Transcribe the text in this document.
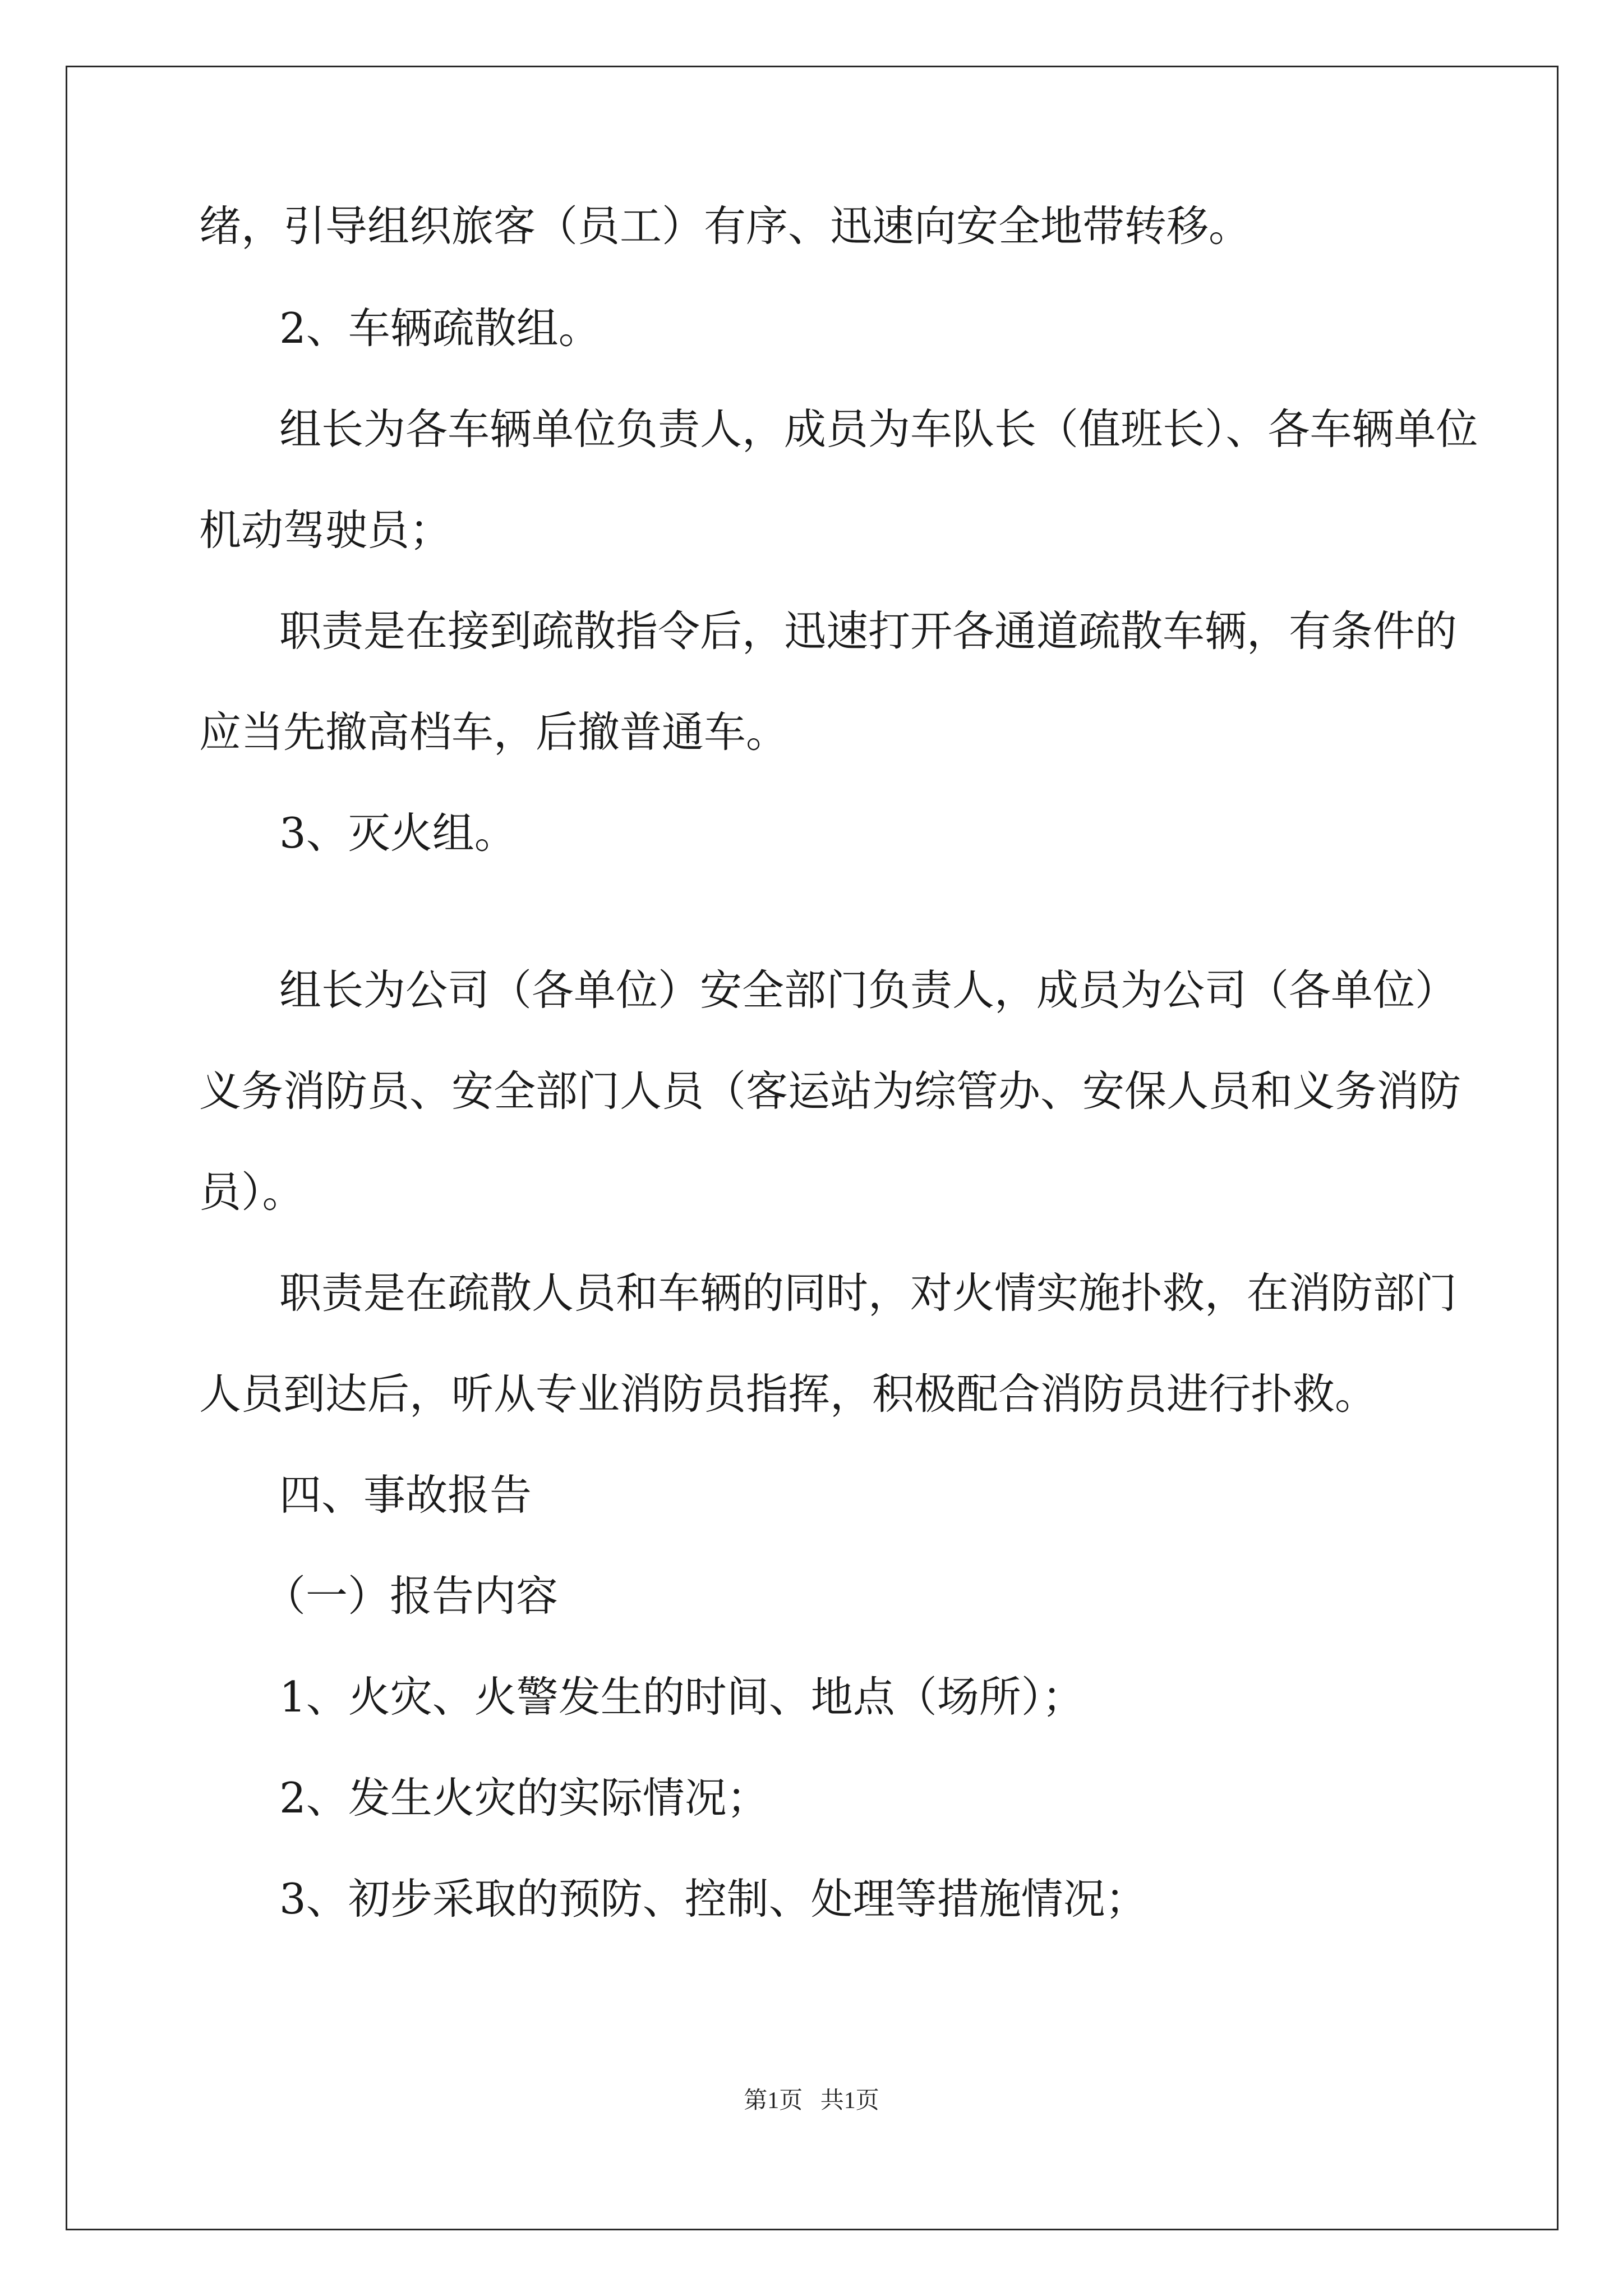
绪，引导组织旅客（员工）有序、迅速向安全地带转移。
2、车辆疏散组。
组长为各车辆单位负责人，成员为车队长（值班长）、各车辆单位
机动驾驶员；
职责是在接到疏散指令后，迅速打开各通道疏散车辆，有条件的
应当先撤高档车，后撤普通车。
3、灭火组。
组长为公司（各单位）安全部门负责人，成员为公司（各单位）
义务消防员、安全部门人员（客运站为综管办、安保人员和义务消防
员）。
职责是在疏散人员和车辆的同时，对火情实施扑救，在消防部门
人员到达后，听从专业消防员指挥，积极配合消防员进行扑救。
四、事故报告
（一）报告内容
1、火灾、火警发生的时间、地点（场所）；
2、发生火灾的实际情况；
3、初步采取的预防、控制、处理等措施情况；
第1页   共1页
